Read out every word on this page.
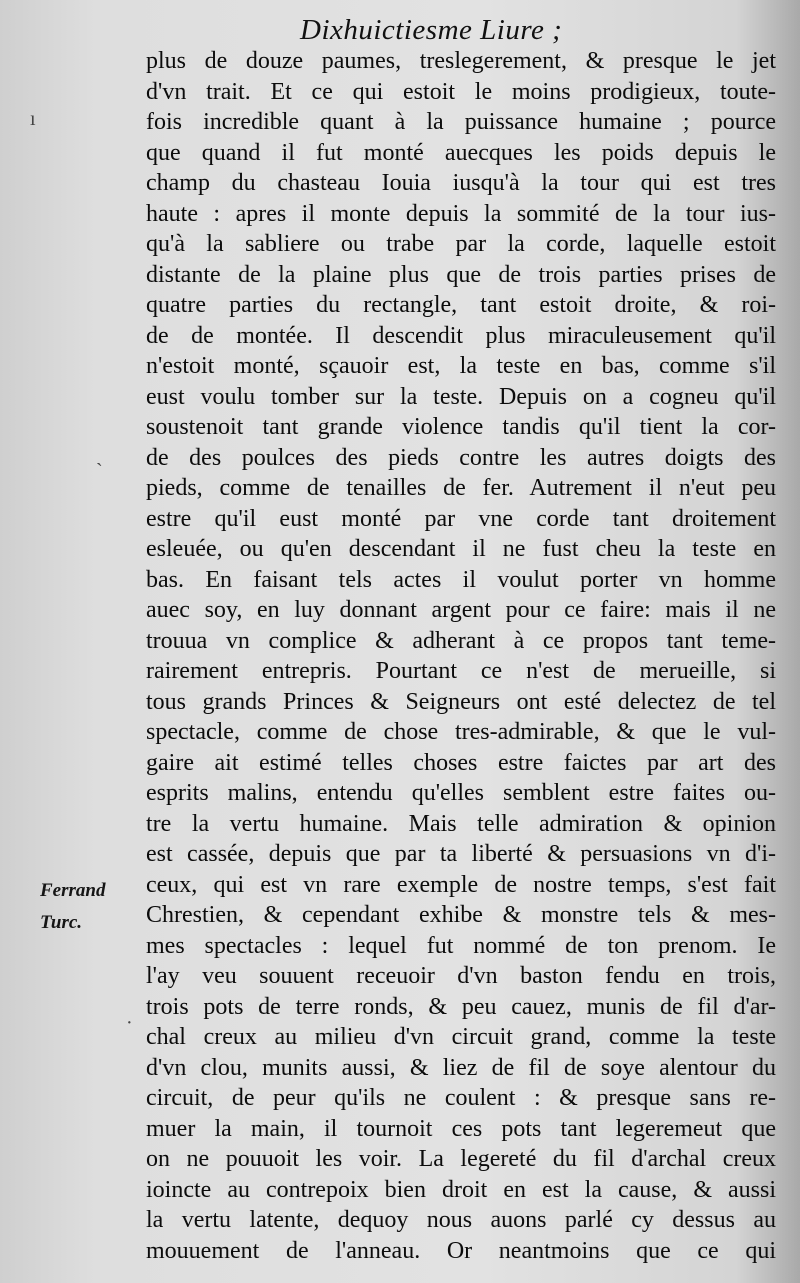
Dixhuictiesme Liure ;
plus de douze paumes, treslegerement, & presque le jet
d'vn trait. Et ce qui estoit le moins prodigieux, toute-
fois incredible quant à la puissance humaine ; pource
que quand il fut monté auecques les poids depuis le
champ du chasteau Iouia iusqu'à la tour qui est tres
haute : apres il monte depuis la sommité de la tour ius-
qu'à la sabliere ou trabe par la corde, laquelle estoit
distante de la plaine plus que de trois parties prises de
quatre parties du rectangle, tant estoit droite, & roi-
de de montée. Il descendit plus miraculeusement qu'il
n'estoit monté, sçauoir est, la teste en bas, comme s'il
eust voulu tomber sur la teste. Depuis on a cogneu qu'il
soustenoit tant grande violence tandis qu'il tient la cor-
de des poulces des pieds contre les autres doigts des
pieds, comme de tenailles de fer. Autrement il n'eut peu
estre qu'il eust monté par vne corde tant droitement
esleuée, ou qu'en descendant il ne fust cheu la teste en
bas. En faisant tels actes il voulut porter vn homme
auec soy, en luy donnant argent pour ce faire: mais il ne
trouua vn complice & adherant à ce propos tant teme-
rairement entrepris. Pourtant ce n'est de merueille, si
tous grands Princes & Seigneurs ont esté delectez de tel
spectacle, comme de chose tres-admirable, & que le vul-
gaire ait estimé telles choses estre faictes par art des
esprits malins, entendu qu'elles semblent estre faites ou-
tre la vertu humaine. Mais telle admiration & opinion
est cassée, depuis que par ta liberté & persuasions vn d'i-
ceux, qui est vn rare exemple de nostre temps, s'est fait
Chrestien, & cependant exhibe & monstre tels & mes-
mes spectacles : lequel fut nommé de ton prenom. Ie
l'ay veu souuent receuoir d'vn baston fendu en trois,
trois pots de terre ronds, & peu cauez, munis de fil d'ar-
chal creux au milieu d'vn circuit grand, comme la teste
d'vn clou, munits aussi, & liez de fil de soye alentour du
circuit, de peur qu'ils ne coulent : & presque sans re-
muer la main, il tournoit ces pots tant legeremeut que
on ne pouuoit les voir. La legereté du fil d'archal creux
ioincte au contrepoix bien droit en est la cause, & aussi
la vertu latente, dequoy nous auons parlé cy dessus au
mouuement de l'anneau. Or neantmoins que ce qui
Ferrand
Turc.
ı
`
·
